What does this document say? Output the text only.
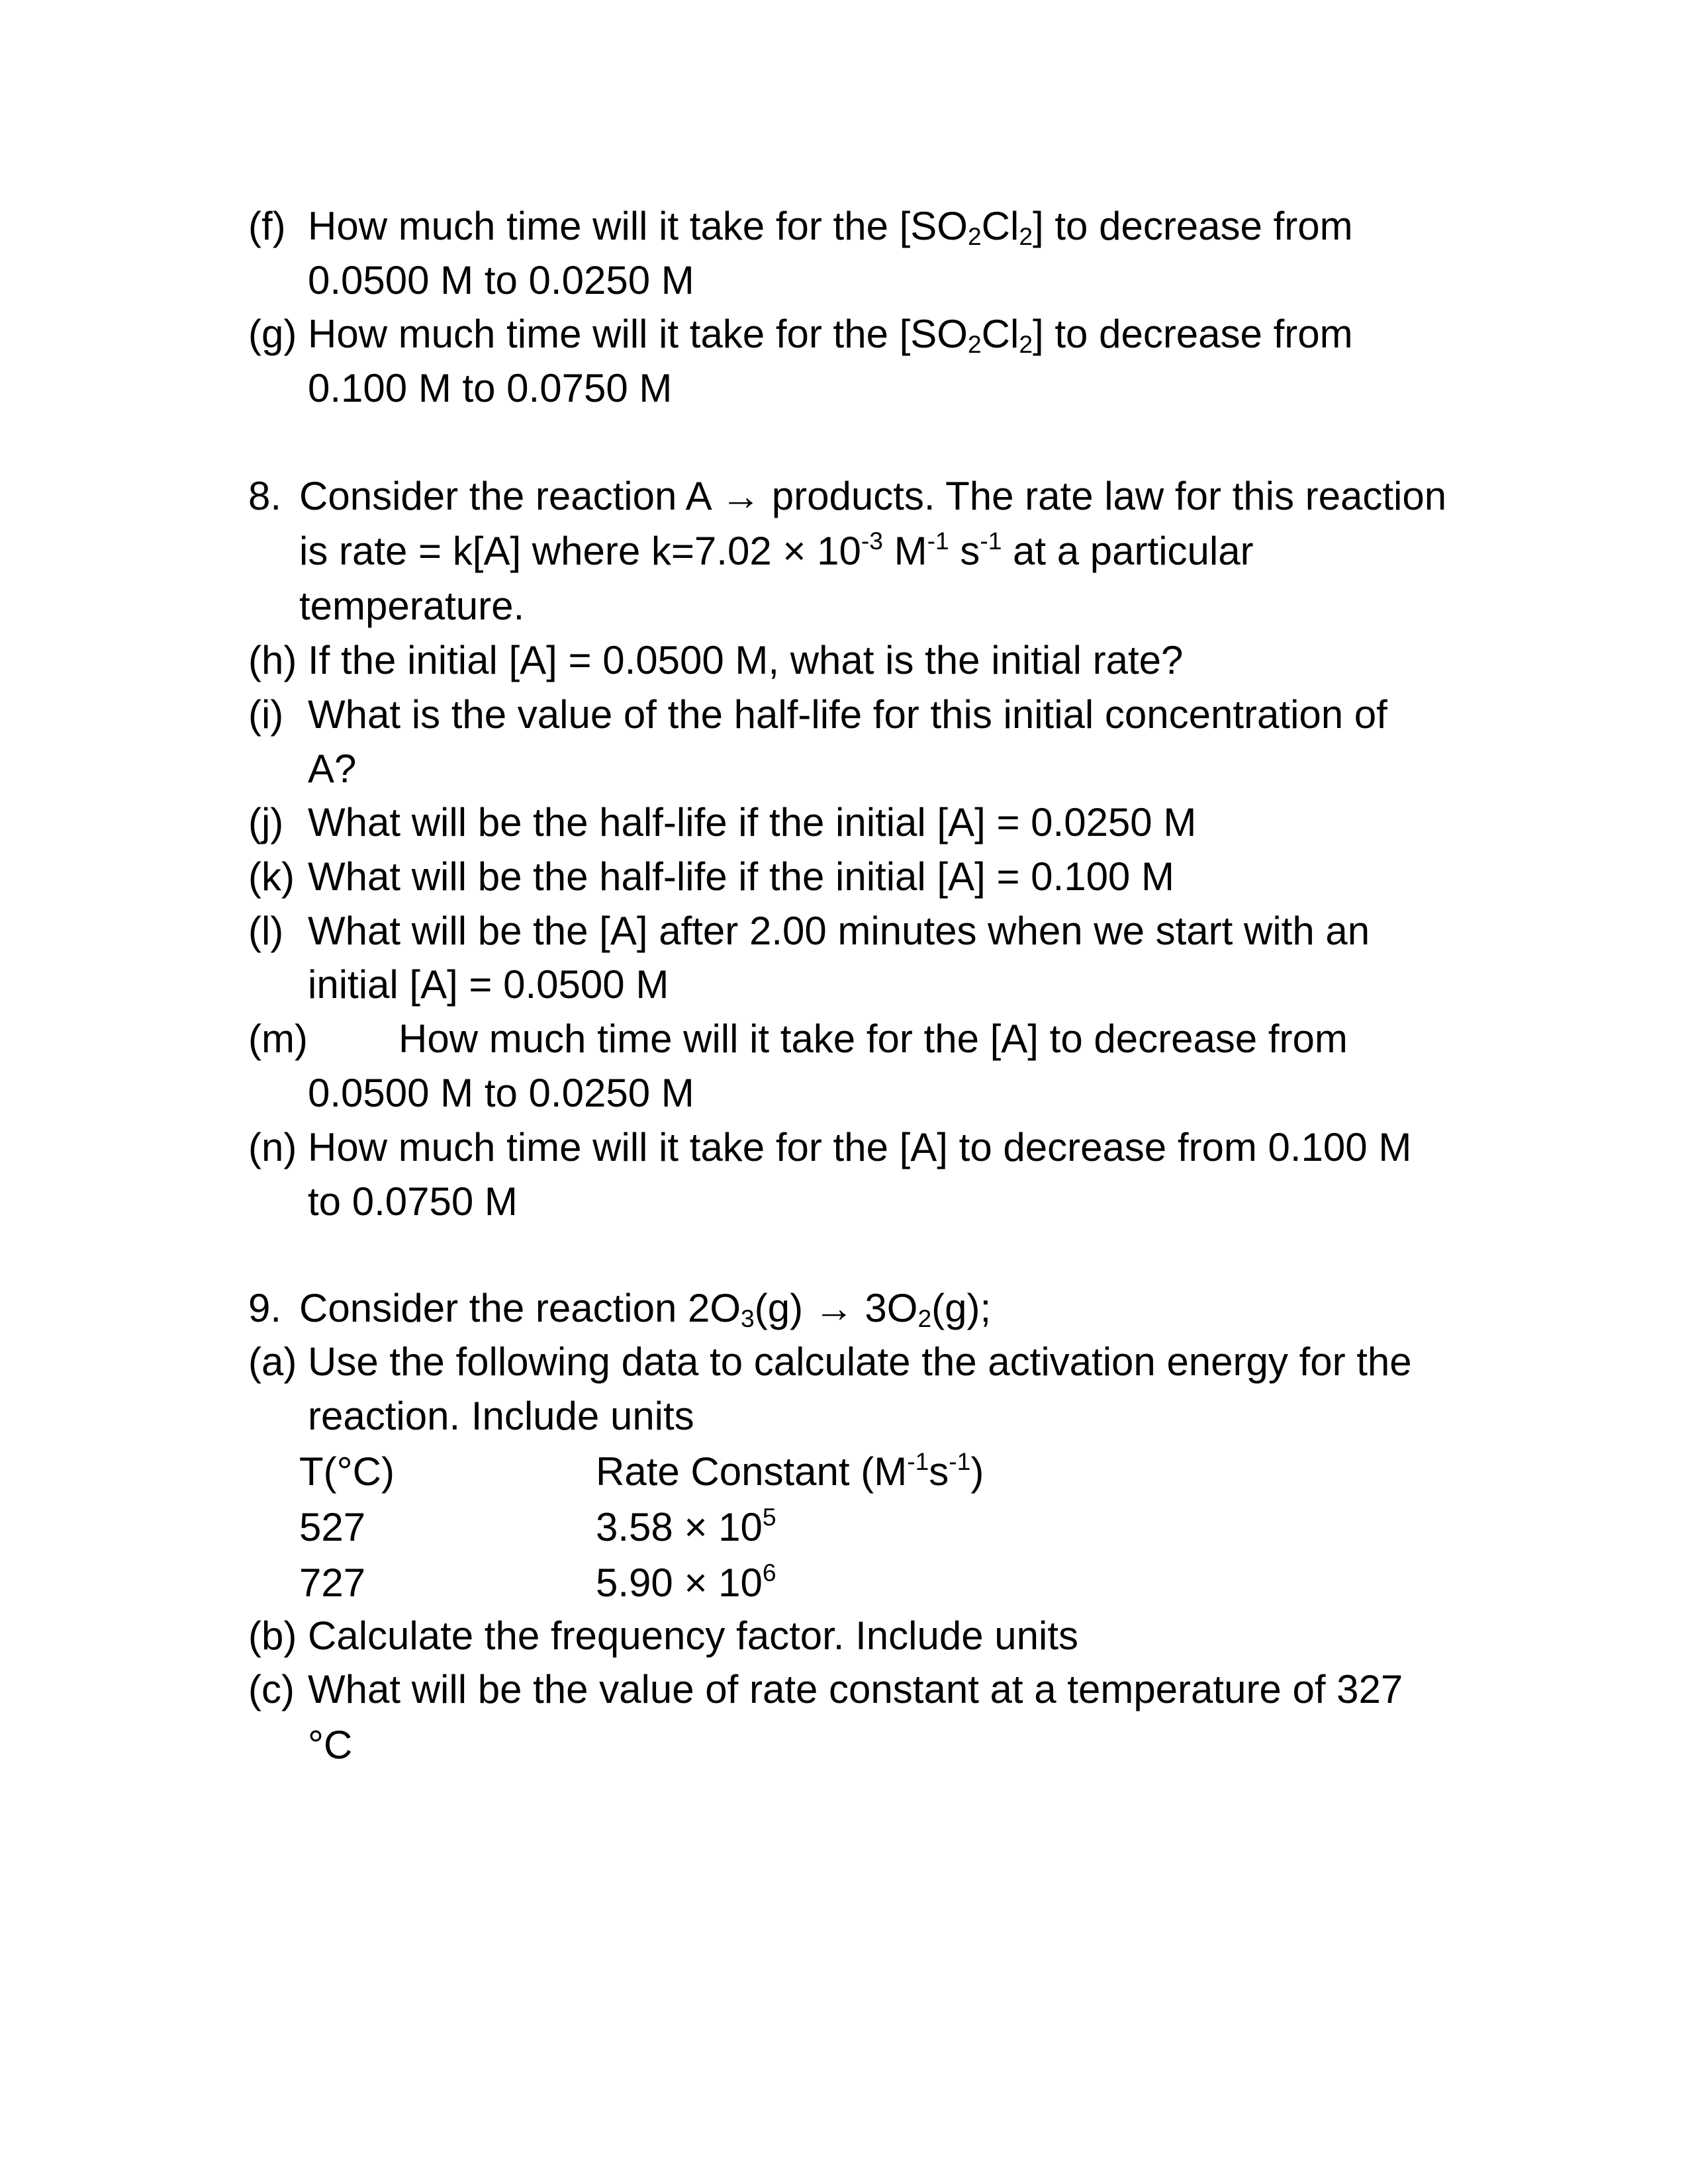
(f) How much time will it take for the $[SO_2Cl_2]$ to decrease from
0.0500 M to 0.0250 M
(g) How much time will it take for the $[SO_2Cl_2]$ to decrease from
0.100 M to 0.0750 M
8. Consider the reaction A → products. The rate law for this reaction
is rate = k[A] where $k=7.02 \times 10^{-3}$ $M^{-1}$ $s^{-1}$ at a particular
temperature.
(h) If the initial [A] = 0.0500 M, what is the initial rate?
(i) What is the value of the half-life for this initial concentration of
A?
(j) What will be the half-life if the initial [A] = 0.0250 M
(k) What will be the half-life if the initial [A] = 0.100 M
(l) What will be the [A] after 2.00 minutes when we start with an
initial [A] = 0.0500 M
(m) How much time will it take for the [A] to decrease from
0.0500 M to 0.0250 M
(n) How much time will it take for the [A] to decrease from 0.100 M
to 0.0750 M
9. Consider the reaction $2O_3(g) \to 3O_2(g)$;
(a) Use the following data to calculate the activation energy for the
reaction. Include units
T(°C)	Rate Constant $(M^{-1}s^{-1})$
527	$3.58 \times 10^5$
727	$5.90 \times 10^6$
(b) Calculate the frequency factor. Include units
(c) What will be the value of rate constant at a temperature of 327
°C
